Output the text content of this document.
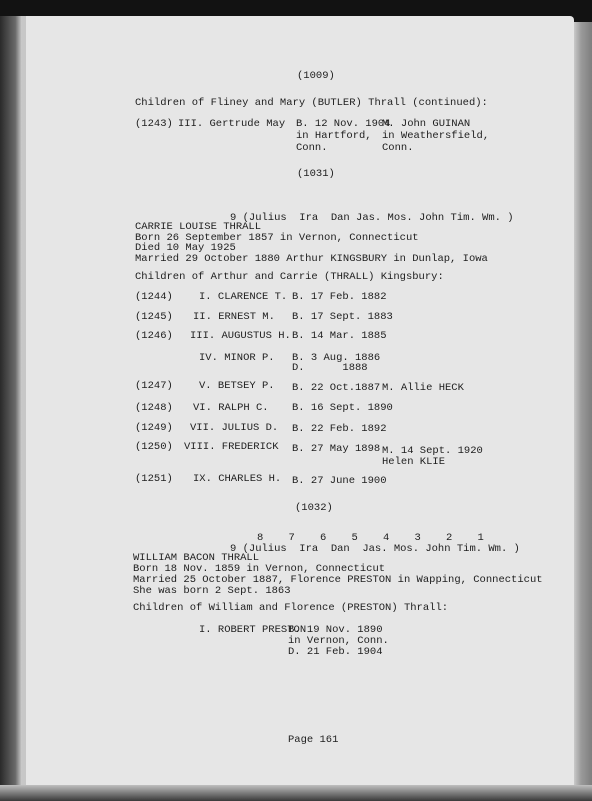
(1009)
Children of Fliney and Mary (BUTLER) Thrall (continued):
(1243) III. Gertrude May B. 12 Nov. 1904
in Hartford,
Conn.
M. John GUINAN
in Weathersfield,
Conn.
(1031)
9 (Julius  Ira  Dan Jas. Mos. John Tim. Wm. )
CARRIE LOUISE THRALL
Born 26 September 1857 in Vernon, Connecticut
Died 10 May 1925
Married 29 October 1880 Arthur KINGSBURY in Dunlap, Iowa
Children of Arthur and Carrie (THRALL) Kingsbury:
(1244) I. CLARENCE T. B. 17 Feb. 1882
(1245) II. ERNEST M. B. 17 Sept. 1883
(1246) III. AUGUSTUS H. B. 14 Mar. 1885
IV. MINOR P. B. 3 Aug. 1886
D.      1888
(1247) V. BETSEY P. B. 22 Oct.1887 M. Allie HECK
(1248) VI. RALPH C. B. 16 Sept. 1890
(1249) VII. JULIUS D. B. 22 Feb. 1892
(1250) VIII. FREDERICK B. 27 May 1898 M. 14 Sept. 1920
Helen KLIE
(1251) IX. CHARLES H. B. 27 June 1900
(1032)
8    7    6    5    4    3    2    1
9 (Julius  Ira  Dan  Jas. Mos. John Tim. Wm. )
WILLIAM BACON THRALL
Born 18 Nov. 1859 in Vernon, Connecticut
Married 25 October 1887, Florence PRESTON in Wapping, Connecticut
She was born 2 Sept. 1863
Children of William and Florence (PRESTON) Thrall:
I. ROBERT PRESTON
B. 19 Nov. 1890
in Vernon, Conn.
D. 21 Feb. 1904
Page 161
